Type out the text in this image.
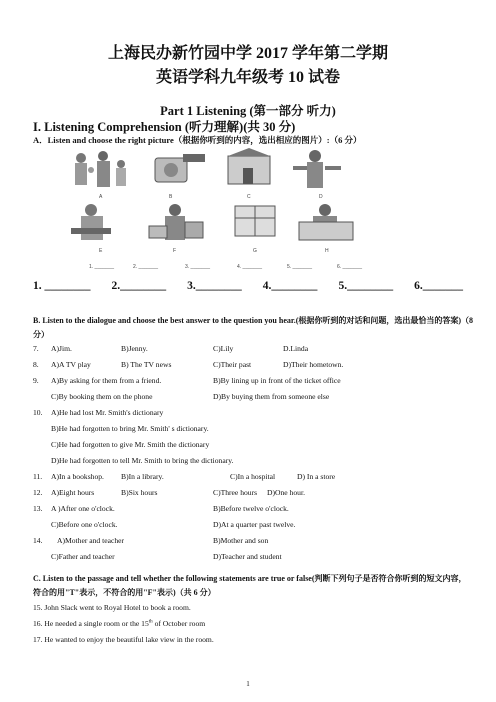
上海民办新竹园中学 2017 学年第二学期
英语学科九年级考 10 试卷
Part 1 Listening (第一部分 听力)
I. Listening Comprehension (听力理解)(共 30 分)
A．Listen and choose the right picture（根据你听到的内容，选出相应的图片）:（6 分）
A	B	C	D
E	F	G	H
1. _______	2. _______	3. _______	4. _______	5. _______	6. _______
1. ________ 2.________ 3.________ 4.________ 5.________ 6._______
B. Listen to the dialogue and choose the best answer to the question you hear.(根据你听到的对话和问题，选出最恰当的答案)（8 分）
7. A)Jim.	B)Jenny.	C)Lily	D.Linda
8. A)A TV play	B) The TV news	C)Their past	D)Their hometown.
9. A)By asking for them from a friend.	B)By lining up in front of the ticket office
C)By booking them on the phone	D)By buying them from someone else
10. A)He had lost Mr. Smith's dictionary
B)He had forgotten to bring Mr. Smith' s dictionary.
C)He had forgotten to give Mr. Smith the dictionary
D)He had forgotten to tell Mr. Smith to bring the dictionary.
11. A)In a bookshop. B)In a library.	C)In a hospital	D) In a store
12. A)Eight hours	B)Six hours	C)Three hours D)One hour.
13. A )After one o'clock.	B)Before twelve o'clock.
C)Before one o'clock.	D)At a quarter past twelve.
14. A)Mother and teacher	B)Mother and son
C)Father and teacher	D)Teacher and student
C. Listen to the passage and tell whether the following statements are true or false(判断下列句子是否符合你听到的短文内容，符合的用"T"表示，不符合的用"F"表示)（共 6 分）
15. John Slack went to Royal Hotel to book a room.
16. He needed a single room or the 15th of October room
17. He wanted to enjoy the beautiful lake view in the room.
1
